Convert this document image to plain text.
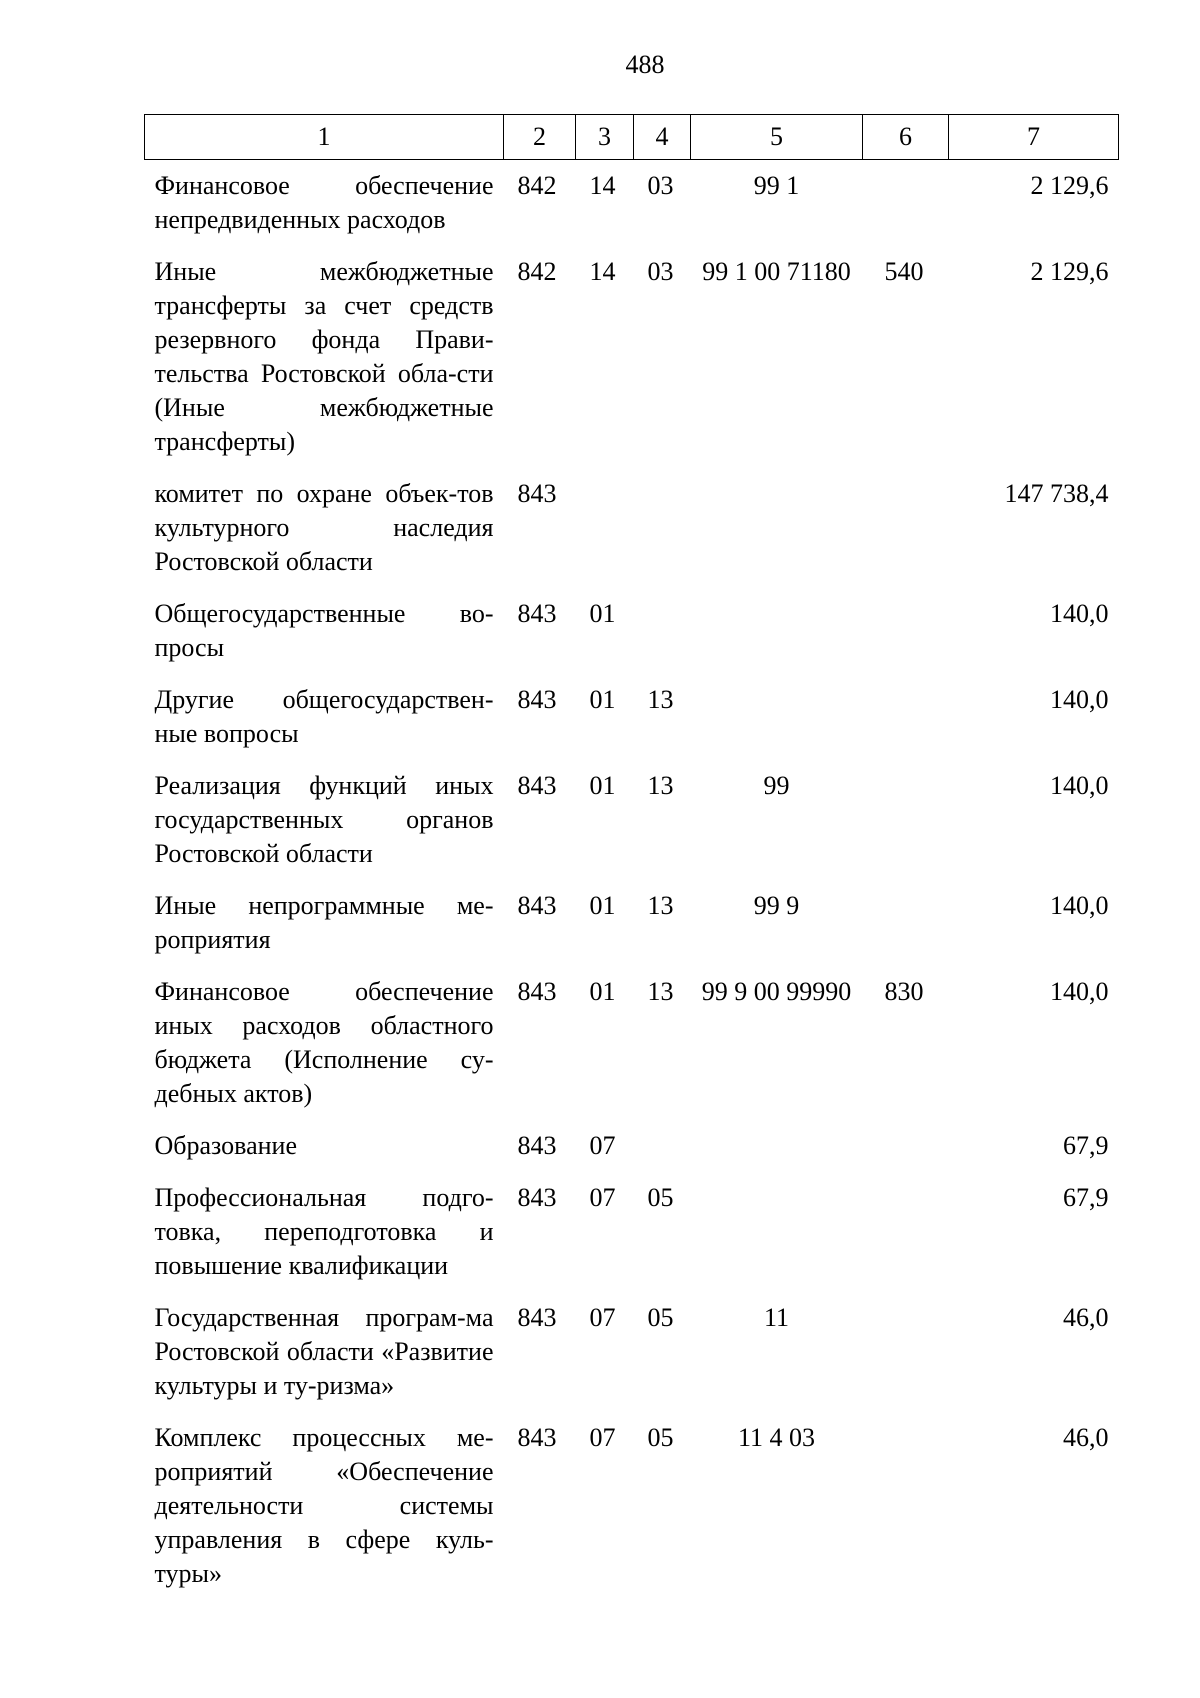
488
1	2	3	4	5	6	7
Финансовое обеспечение непредвиденных расходов	842	14	03	99 1		2 129,6
Иные межбюджетные трансферты за счет средств резервного фонда Прави-тельства Ростовской обла-сти (Иные межбюджетные трансферты)	842	14	03	99 1 00 71180	540	2 129,6
комитет по охране объек-тов культурного наследия Ростовской области	843					147 738,4
Общегосударственные во-просы	843	01				140,0
Другие общегосударствен-ные вопросы	843	01	13			140,0
Реализация функций иных государственных органов Ростовской области	843	01	13	99		140,0
Иные непрограммные ме-роприятия	843	01	13	99 9		140,0
Финансовое обеспечение иных расходов областного бюджета (Исполнение су-дебных актов)	843	01	13	99 9 00 99990	830	140,0
Образование	843	07				67,9
Профессиональная подго-товка, переподготовка и повышение квалификации	843	07	05			67,9
Государственная програм-ма Ростовской области «Развитие культуры и ту-ризма»	843	07	05	11		46,0
Комплекс процессных ме-роприятий «Обеспечение деятельности системы управления в сфере куль-туры»	843	07	05	11 4 03		46,0
